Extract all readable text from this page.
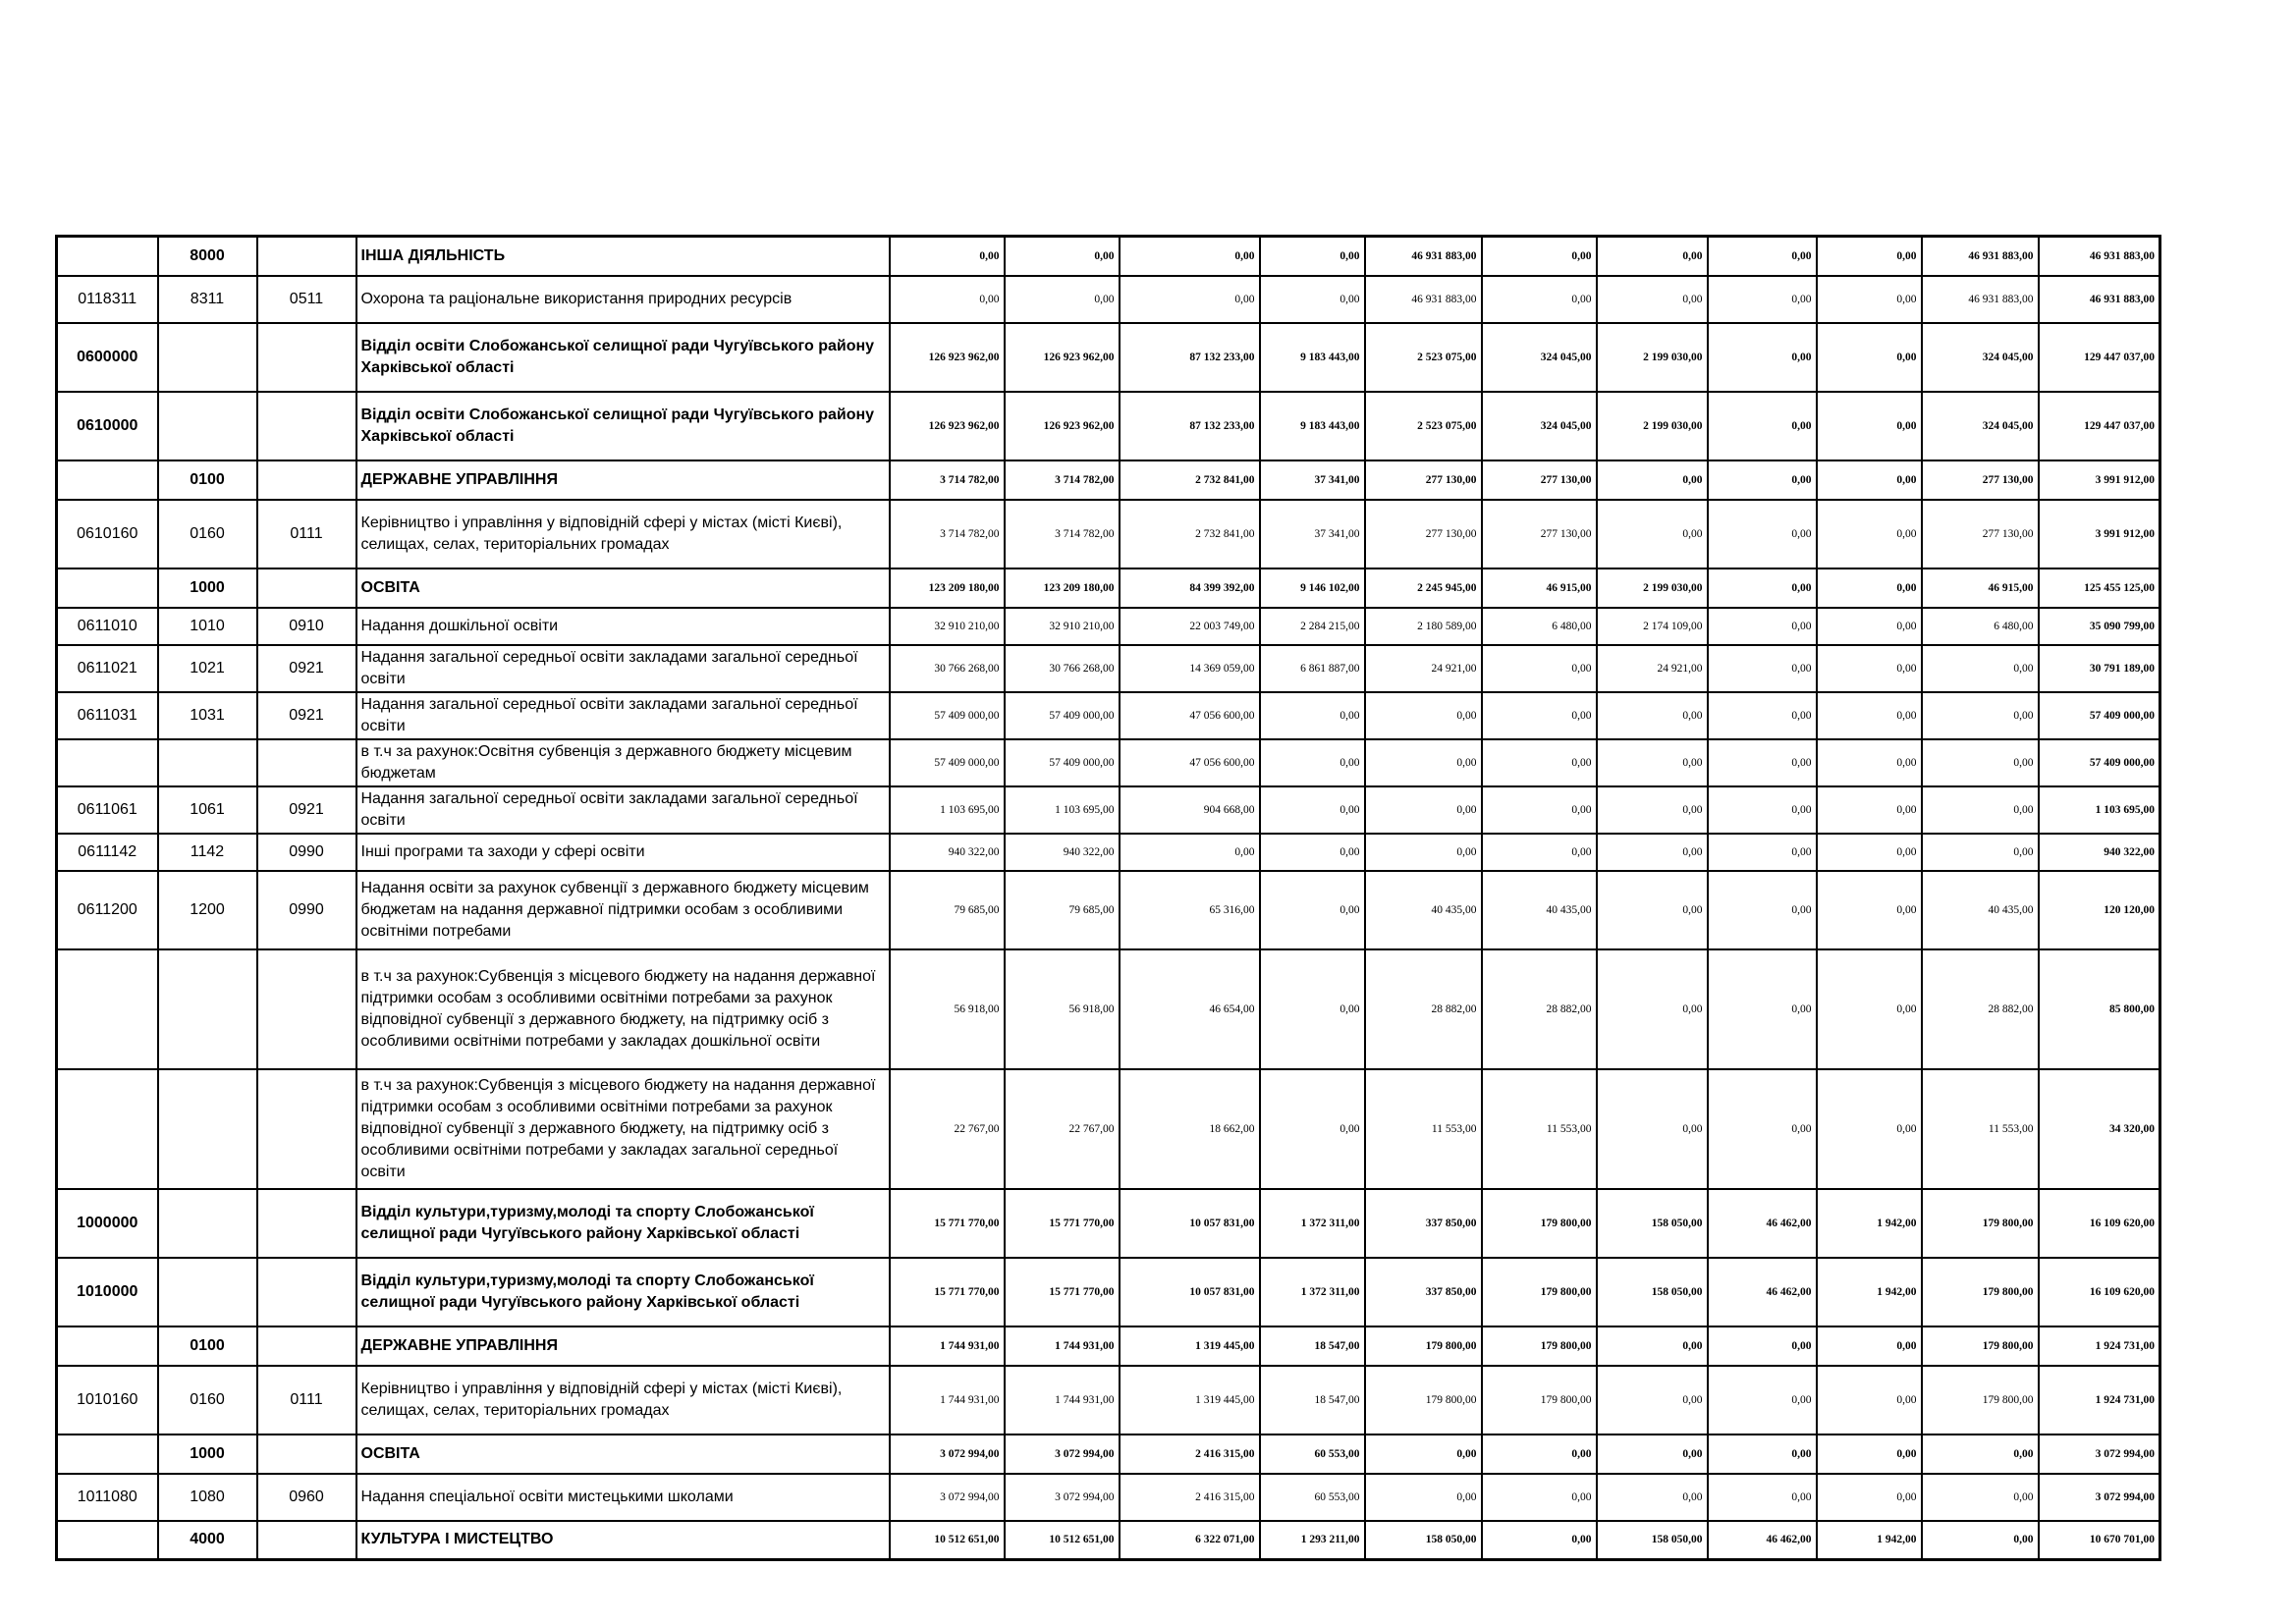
	8000		ІНША ДІЯЛЬНІСТЬ	0,00	0,00	0,00	0,00	46 931 883,00	0,00	0,00	0,00	0,00	46 931 883,00	46 931 883,00
0118311	8311	0511	Охорона та раціональне використання природних ресурсів	0,00	0,00	0,00	0,00	46 931 883,00	0,00	0,00	0,00	0,00	46 931 883,00	46 931 883,00
0600000			Відділ освіти Слобожанської селищної ради Чугуївського району Харківської області	126 923 962,00	126 923 962,00	87 132 233,00	9 183 443,00	2 523 075,00	324 045,00	2 199 030,00	0,00	0,00	324 045,00	129 447 037,00
0610000			Відділ освіти Слобожанської селищної ради Чугуївського району Харківської області	126 923 962,00	126 923 962,00	87 132 233,00	9 183 443,00	2 523 075,00	324 045,00	2 199 030,00	0,00	0,00	324 045,00	129 447 037,00
	0100		ДЕРЖАВНЕ УПРАВЛІННЯ	3 714 782,00	3 714 782,00	2 732 841,00	37 341,00	277 130,00	277 130,00	0,00	0,00	0,00	277 130,00	3 991 912,00
0610160	0160	0111	Керівництво і управління у відповідній сфері у містах (місті Києві), селищах, селах, територіальних громадах	3 714 782,00	3 714 782,00	2 732 841,00	37 341,00	277 130,00	277 130,00	0,00	0,00	0,00	277 130,00	3 991 912,00
	1000		ОСВІТА	123 209 180,00	123 209 180,00	84 399 392,00	9 146 102,00	2 245 945,00	46 915,00	2 199 030,00	0,00	0,00	46 915,00	125 455 125,00
0611010	1010	0910	Надання дошкільної освіти	32 910 210,00	32 910 210,00	22 003 749,00	2 284 215,00	2 180 589,00	6 480,00	2 174 109,00	0,00	0,00	6 480,00	35 090 799,00
0611021	1021	0921	Надання загальної середньої освіти закладами загальної середньої освіти	30 766 268,00	30 766 268,00	14 369 059,00	6 861 887,00	24 921,00	0,00	24 921,00	0,00	0,00	0,00	30 791 189,00
0611031	1031	0921	Надання загальної середньої освіти закладами загальної середньої освіти	57 409 000,00	57 409 000,00	47 056 600,00	0,00	0,00	0,00	0,00	0,00	0,00	0,00	57 409 000,00
			в т.ч за рахунок:Освітня субвенція з державного бюджету місцевим бюджетам	57 409 000,00	57 409 000,00	47 056 600,00	0,00	0,00	0,00	0,00	0,00	0,00	0,00	57 409 000,00
0611061	1061	0921	Надання загальної середньої освіти закладами загальної середньої освіти	1 103 695,00	1 103 695,00	904 668,00	0,00	0,00	0,00	0,00	0,00	0,00	0,00	1 103 695,00
0611142	1142	0990	Інші програми та заходи у сфері освіти	940 322,00	940 322,00	0,00	0,00	0,00	0,00	0,00	0,00	0,00	0,00	940 322,00
0611200	1200	0990	Надання освіти за рахунок субвенції з державного бюджету місцевим бюджетам на надання державної підтримки особам з особливими освітніми потребами	79 685,00	79 685,00	65 316,00	0,00	40 435,00	40 435,00	0,00	0,00	0,00	40 435,00	120 120,00
			в т.ч за рахунок:Субвенція з місцевого бюджету на надання державної підтримки особам з особливими освітніми потребами за рахунок відповідної субвенції з державного бюджету, на підтримку осіб з особливими освітніми потребами у закладах дошкільної освіти	56 918,00	56 918,00	46 654,00	0,00	28 882,00	28 882,00	0,00	0,00	0,00	28 882,00	85 800,00
			в т.ч за рахунок:Субвенція з місцевого бюджету на надання державної підтримки особам з особливими освітніми потребами за рахунок відповідної субвенції з державного бюджету, на підтримку осіб з особливими освітніми потребами у закладах загальної середньої освіти	22 767,00	22 767,00	18 662,00	0,00	11 553,00	11 553,00	0,00	0,00	0,00	11 553,00	34 320,00
1000000			Відділ культури,туризму,молоді та спорту Слобожанської селищної ради Чугуївського району Харківської області	15 771 770,00	15 771 770,00	10 057 831,00	1 372 311,00	337 850,00	179 800,00	158 050,00	46 462,00	1 942,00	179 800,00	16 109 620,00
1010000			Відділ культури,туризму,молоді та спорту Слобожанської селищної ради Чугуївського району Харківської області	15 771 770,00	15 771 770,00	10 057 831,00	1 372 311,00	337 850,00	179 800,00	158 050,00	46 462,00	1 942,00	179 800,00	16 109 620,00
	0100		ДЕРЖАВНЕ УПРАВЛІННЯ	1 744 931,00	1 744 931,00	1 319 445,00	18 547,00	179 800,00	179 800,00	0,00	0,00	0,00	179 800,00	1 924 731,00
1010160	0160	0111	Керівництво і управління у відповідній сфері у містах (місті Києві), селищах, селах, територіальних громадах	1 744 931,00	1 744 931,00	1 319 445,00	18 547,00	179 800,00	179 800,00	0,00	0,00	0,00	179 800,00	1 924 731,00
	1000		ОСВІТА	3 072 994,00	3 072 994,00	2 416 315,00	60 553,00	0,00	0,00	0,00	0,00	0,00	0,00	3 072 994,00
1011080	1080	0960	Надання спеціальної освіти мистецькими школами	3 072 994,00	3 072 994,00	2 416 315,00	60 553,00	0,00	0,00	0,00	0,00	0,00	0,00	3 072 994,00
	4000		КУЛЬТУРА І МИСТЕЦТВО	10 512 651,00	10 512 651,00	6 322 071,00	1 293 211,00	158 050,00	0,00	158 050,00	46 462,00	1 942,00	0,00	10 670 701,00
